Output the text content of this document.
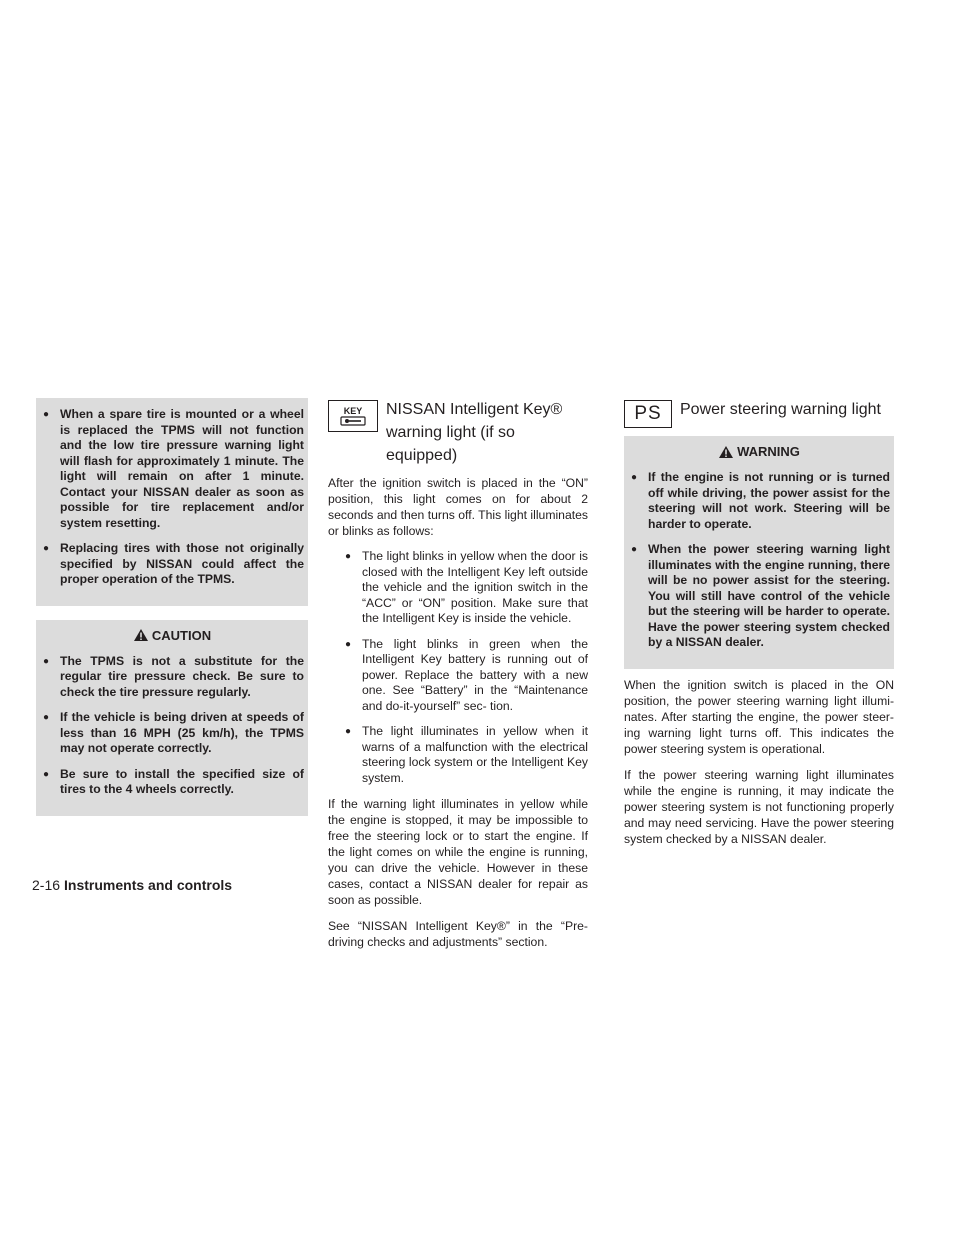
● When a spare tire is mounted or a wheel is replaced the TPMS will not function and the low tire pressure warning light will flash for approximately 1 minute. The light will remain on after 1 minute. Contact your NISSAN dealer as soon as possible for tire replacement and/or system resetting.
● Replacing tires with those not originally specified by NISSAN could affect the proper operation of the TPMS.
CAUTION
● The TPMS is not a substitute for the regular tire pressure check. Be sure to check the tire pressure regularly.
● If the vehicle is being driven at speeds of less than 16 MPH (25 km/h), the TPMS may not operate correctly.
● Be sure to install the specified size of tires to the 4 wheels correctly.
KEY NISSAN Intelligent Key® warning light (if so equipped)

After the ignition switch is placed in the “ON” position, this light comes on for about 2 seconds and then turns off. This light illuminates or blinks as follows:

● The light blinks in yellow when the door is closed with the Intelligent Key left outside the vehicle and the ignition switch in the “ACC” or “ON” position. Make sure that the Intelligent Key is inside the vehicle.
● The light blinks in green when the Intelligent Key battery is running out of power. Replace the battery with a new one. See “Battery” in the “Maintenance and do-it-yourself” sec- tion.
● The light illuminates in yellow when it warns of a malfunction with the electrical steering lock system or the Intelligent Key system.

If the warning light illuminates in yellow while the engine is stopped, it may be impossible to free the steering lock or to start the engine. If the light comes on while the engine is running, you can drive the vehicle. However in these cases, contact a NISSAN dealer for repair as soon as possible.

See “NISSAN Intelligent Key®” in the “Pre- driving checks and adjustments” section.

PS Power steering warning light
WARNING
● If the engine is not running or is turned off while driving, the power assist for the steering will not work. Steering will be harder to operate.
● When the power steering warning light illuminates with the engine running, there will be no power assist for the steering. You will still have control of the vehicle but the steering will be harder to operate. Have the power steering system checked by a NISSAN dealer.

When the ignition switch is placed in the ON position, the power steering warning light illumi- nates. After starting the engine, the power steer- ing warning light turns off. This indicates the power steering system is operational.

If the power steering warning light illuminates while the engine is running, it may indicate the power steering system is not functioning properly and may need servicing. Have the power steering system checked by a NISSAN dealer.

2-16 Instruments and controls
